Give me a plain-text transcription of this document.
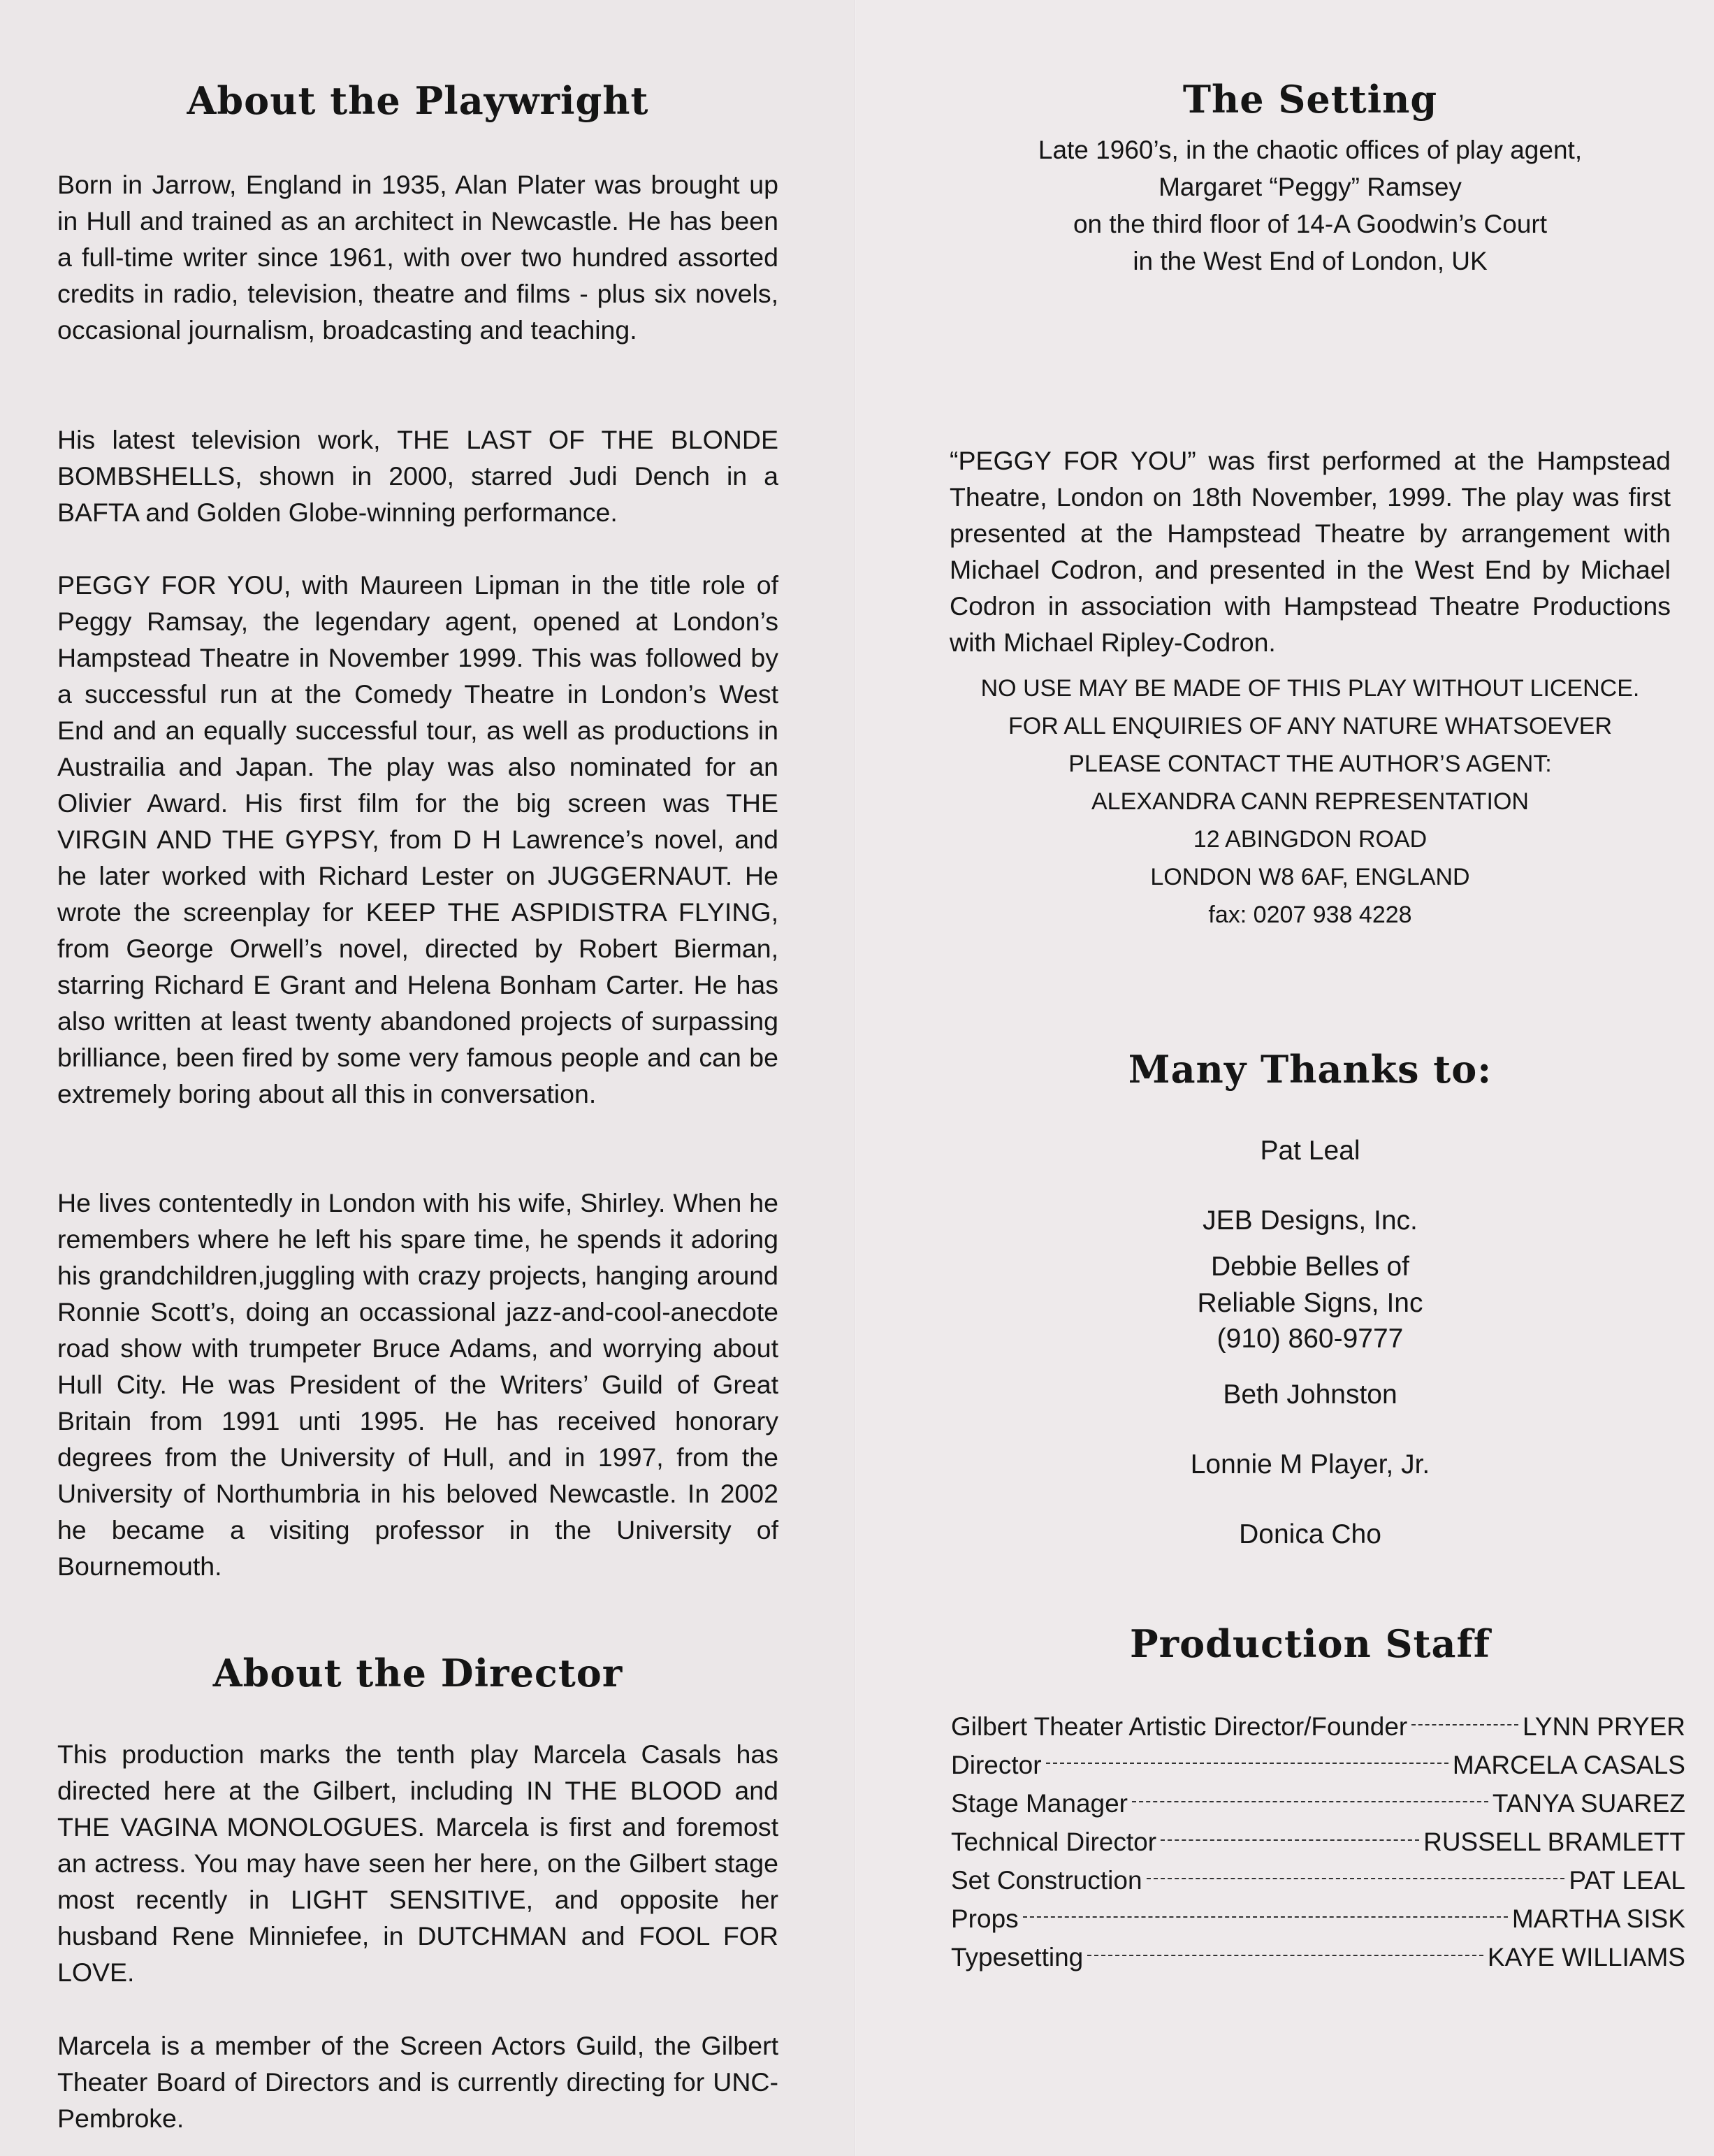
About the Playwright

Born in Jarrow, England in 1935, Alan Plater was brought up in Hull and trained as an architect in Newcastle. He has been a full-time writer since 1961, with over two hundred assorted credits in radio, television, theatre and films - plus six novels, occasional journalism, broadcasting and teaching.

His latest television work, THE LAST OF THE BLONDE BOMBSHELLS, shown in 2000, starred Judi Dench in a BAFTA and Golden Globe-winning performance.

PEGGY FOR YOU, with Maureen Lipman in the title role of Peggy Ramsay, the legendary agent, opened at London’s Hampstead Theatre in November 1999. This was followed by a successful run at the Comedy Theatre in London’s West End and an equally successful tour, as well as productions in Austrailia and Japan. The play was also nominated for an Olivier Award. His first film for the big screen was THE VIRGIN AND THE GYPSY, from D H Lawrence’s novel, and he later worked with Richard Lester on JUGGERNAUT. He wrote the screenplay for KEEP THE ASPIDISTRA FLYING, from George Orwell’s novel, directed by Robert Bierman, starring Richard E Grant and Helena Bonham Carter. He has also written at least twenty abandoned projects of surpassing brilliance, been fired by some very famous people and can be extremely boring about all this in conversation.

He lives contentedly in London with his wife, Shirley. When he remembers where he left his spare time, he spends it adoring his grandchildren,juggling with crazy projects, hanging around Ronnie Scott’s, doing an occassional jazz-and-cool-anecdote road show with trumpeter Bruce Adams, and worrying about Hull City. He was President of the Writers’ Guild of Great Britain from 1991 unti 1995. He has received honorary degrees from the University of Hull, and in 1997, from the University of Northumbria in his beloved Newcastle. In 2002 he became a visiting professor in the University of Bournemouth.

About the Director

This production marks the tenth play Marcela Casals has directed here at the Gilbert, including IN THE BLOOD and THE VAGINA MONOLOGUES. Marcela is first and foremost an actress. You may have seen her here, on the Gilbert stage most recently in LIGHT SENSITIVE, and opposite her husband Rene Minniefee, in DUTCHMAN and FOOL FOR LOVE.

Marcela is a member of the Screen Actors Guild, the Gilbert Theater Board of Directors and is currently directing for UNC-Pembroke.

The Setting
Late 1960’s, in the chaotic offices of play agent,
Margaret “Peggy” Ramsey
on the third floor of 14-A Goodwin’s Court
in the West End of London, UK

“PEGGY FOR YOU” was first performed at the Hampstead Theatre, London on 18th November, 1999. The play was first presented at the Hampstead Theatre by arrangement with Michael Codron, and presented in the West End by Michael Codron in association with Hampstead Theatre Productions with Michael Ripley-Codron.

NO USE MAY BE MADE OF THIS PLAY WITHOUT LICENCE.
FOR ALL ENQUIRIES OF ANY NATURE WHATSOEVER
PLEASE CONTACT THE AUTHOR’S AGENT:
ALEXANDRA CANN REPRESENTATION
12 ABINGDON ROAD
LONDON W8 6AF, ENGLAND
fax: 0207 938 4228
Many Thanks to:
Pat Leal
JEB Designs, Inc.
Debbie Belles of
Reliable Signs, Inc
(910) 860-9777
Beth Johnston
Lonnie M Player, Jr.
Donica Cho
Production Staff
Gilbert Theater Artistic Director/Founder	LYNN PRYER
Director	MARCELA CASALS
Stage Manager	TANYA SUAREZ
Technical Director	RUSSELL BRAMLETT
Set Construction	PAT LEAL
Props	MARTHA SISK
Typesetting	KAYE WILLIAMS
